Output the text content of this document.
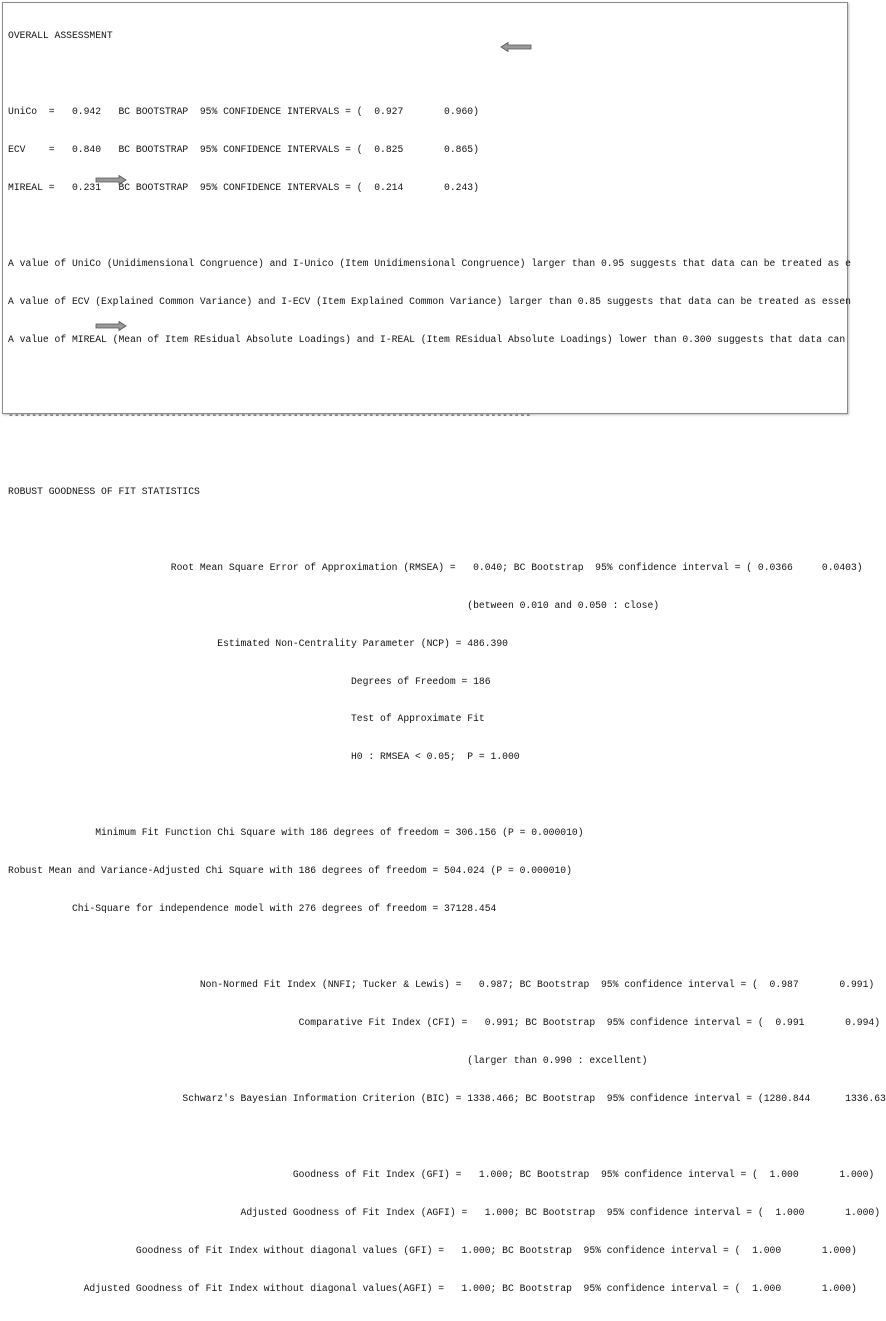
OVERALL ASSESSMENT

UniCo  =   0.942   BC BOOTSTRAP  95% CONFIDENCE INTERVALS = (  0.927       0.960)

ECV    =   0.840   BC BOOTSTRAP  95% CONFIDENCE INTERVALS = (  0.825       0.865)

MIREAL =   0.231   BC BOOTSTRAP  95% CONFIDENCE INTERVALS = (  0.214       0.243)

A value of UniCo (Unidimensional Congruence) and I-Unico (Item Unidimensional Congruence) larger than 0.95 suggests that data can be treated as e

A value of ECV (Explained Common Variance) and I-ECV (Item Explained Common Variance) larger than 0.85 suggests that data can be treated as essen

A value of MIREAL (Mean of Item REsidual Absolute Loadings) and I-REAL (Item REsidual Absolute Loadings) lower than 0.300 suggests that data can

------------------------------------------------------------------------------------------

ROBUST GOODNESS OF FIT STATISTICS

Root Mean Square Error of Approximation (RMSEA) =   0.040; BC Bootstrap  95% confidence interval = ( 0.0366     0.0403)

(between 0.010 and 0.050 : close)

Estimated Non-Centrality Parameter (NCP) = 486.390

Degrees of Freedom = 186

Test of Approximate Fit

H0 : RMSEA < 0.05;  P = 1.000

Minimum Fit Function Chi Square with 186 degrees of freedom = 306.156 (P = 0.000010)

Robust Mean and Variance-Adjusted Chi Square with 186 degrees of freedom = 504.024 (P = 0.000010)

Chi-Square for independence model with 276 degrees of freedom = 37128.454

Non-Normed Fit Index (NNFI; Tucker & Lewis) =   0.987; BC Bootstrap  95% confidence interval = (  0.987       0.991)

Comparative Fit Index (CFI) =   0.991; BC Bootstrap  95% confidence interval = (  0.991       0.994)

(larger than 0.990 : excellent)

Schwarz's Bayesian Information Criterion (BIC) = 1338.466; BC Bootstrap  95% confidence interval = (1280.844      1336.63

Goodness of Fit Index (GFI) =   1.000; BC Bootstrap  95% confidence interval = (  1.000       1.000)

Adjusted Goodness of Fit Index (AGFI) =   1.000; BC Bootstrap  95% confidence interval = (  1.000       1.000)

Goodness of Fit Index without diagonal values (GFI) =   1.000; BC Bootstrap  95% confidence interval = (  1.000       1.000)

Adjusted Goodness of Fit Index without diagonal values(AGFI) =   1.000; BC Bootstrap  95% confidence interval = (  1.000       1.000)
